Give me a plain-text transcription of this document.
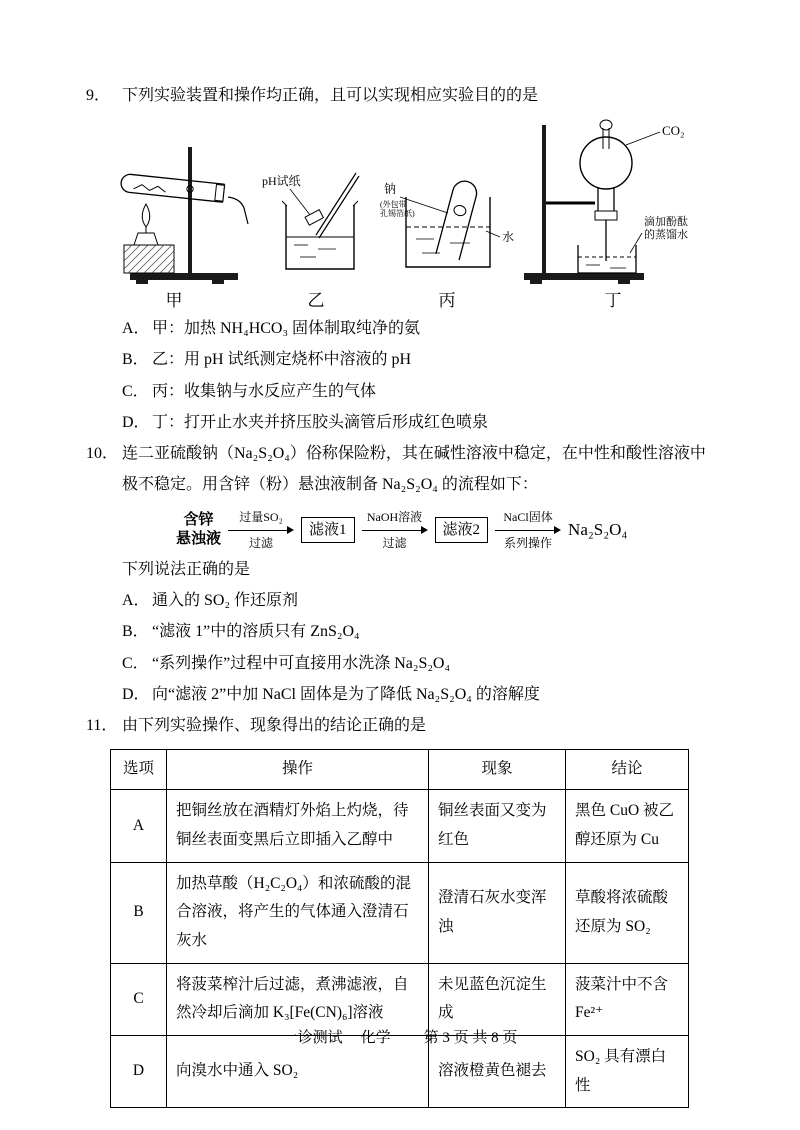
9． 下列实验装置和操作均正确，且可以实现相应实验目的的是

甲
pH试纸
乙
钠
(外包带
孔锡箔纸)
水
丙
CO₂
滴加酚酞
的蒸馏水
丁

A． 甲：加热 NH₄HCO₃ 固体制取纯净的氨

B． 乙：用 pH 试纸测定烧杯中溶液的 pH

C． 丙：收集钠与水反应产生的气体

D． 丁：打开止水夹并挤压胶头滴管后形成红色喷泉

10． 连二亚硫酸钠（Na₂S₂O₄）俗称保险粉，其在碱性溶液中稳定，在中性和酸性溶液中极不稳定。用含锌（粉）悬浊液制备 Na₂S₂O₄ 的流程如下：

含锌
悬浊液
过量SO₂
过滤
滤液1
NaOH溶液
过滤
滤液2
NaCl固体
系列操作
Na₂S₂O₄

下列说法正确的是

A． 通入的 SO₂ 作还原剂

B． “滤液 1”中的溶质只有 ZnS₂O₄

C． “系列操作”过程中可直接用水洗涤 Na₂S₂O₄

D． 向“滤液 2”中加 NaCl 固体是为了降低 Na₂S₂O₄ 的溶解度

11． 由下列实验操作、现象得出的结论正确的是

选项	操作	现象	结论
A	把铜丝放在酒精灯外焰上灼烧，待铜丝表面变黑后立即插入乙醇中	铜丝表面又变为红色	黑色 CuO 被乙醇还原为 Cu
B	加热草酸（H₂C₂O₄）和浓硫酸的混合溶液，将产生的气体通入澄清石灰水	澄清石灰水变浑浊	草酸将浓硫酸还原为 SO₂
C	将菠菜榨汁后过滤，煮沸滤液，自然冷却后滴加 K₃[Fe(CN)₆]溶液	未见蓝色沉淀生成	菠菜汁中不含 Fe²⁺
D	向溴水中通入 SO₂	溶液橙黄色褪去	SO₂ 具有漂白性
一诊测试 化学 第 3 页 共 8 页
